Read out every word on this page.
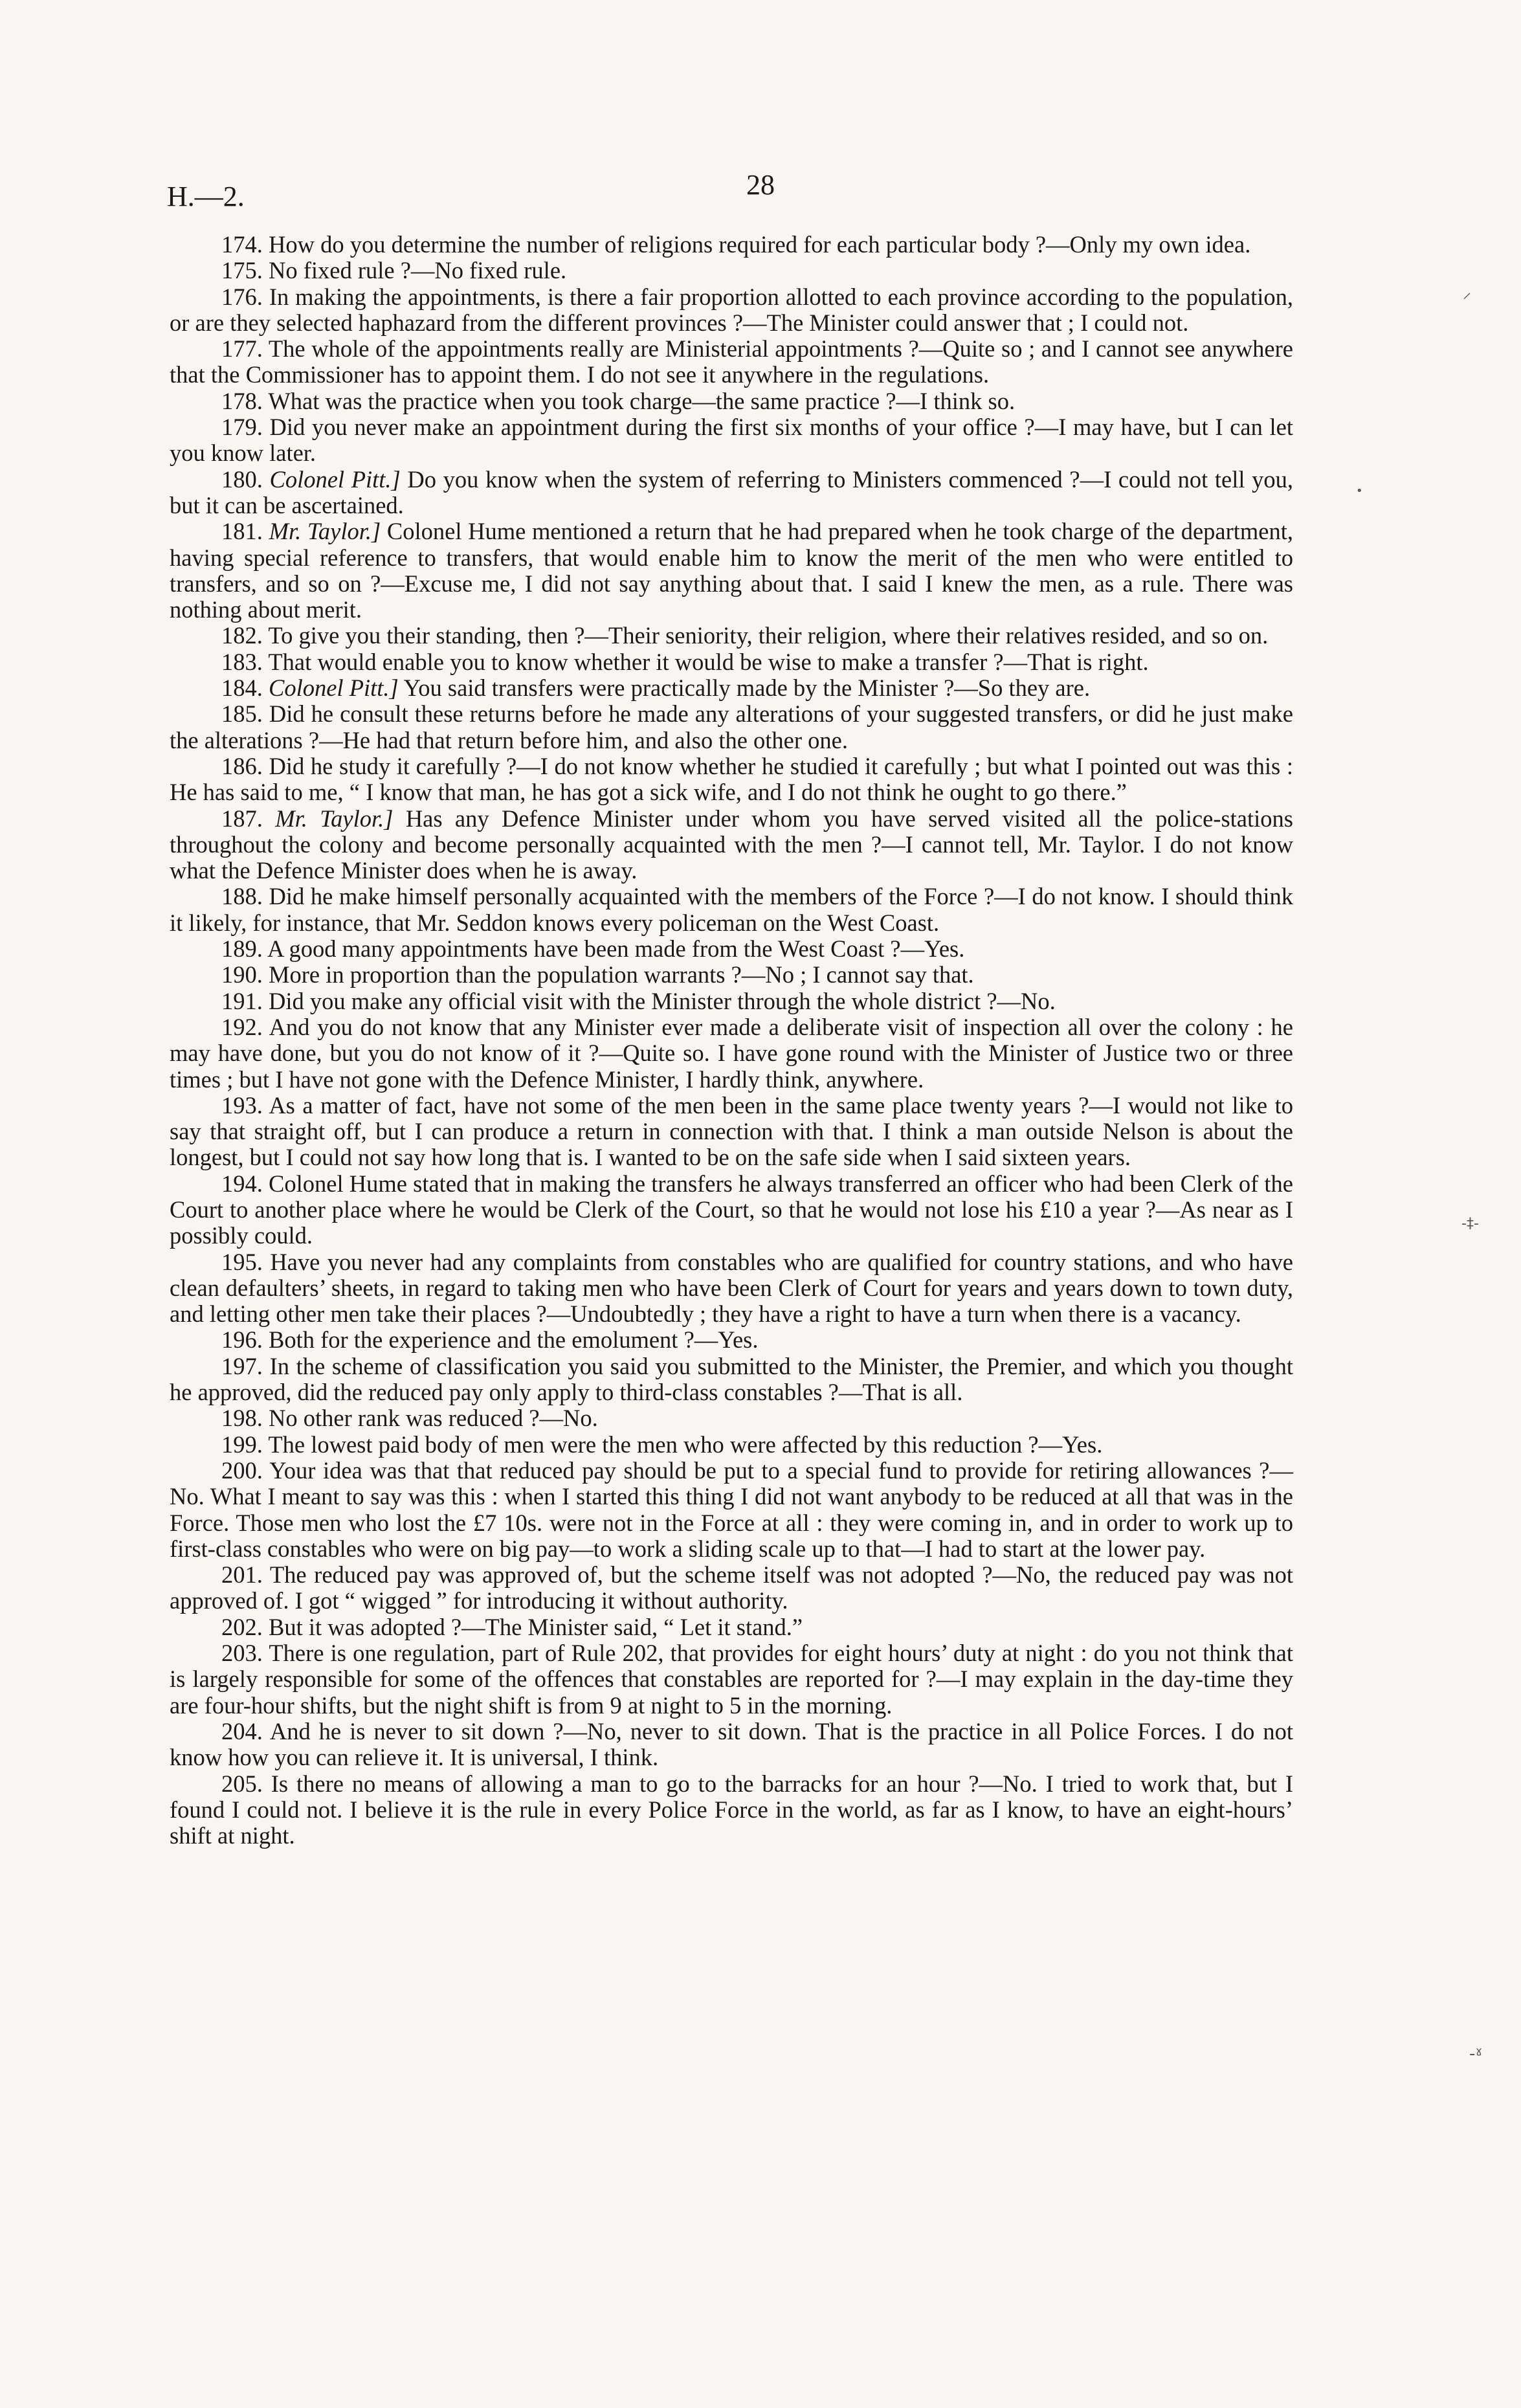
H.—2.	28

174. How do you determine the number of religions required for each particular body ?—Only my own idea.

175. No fixed rule ?—No fixed rule.

176. In making the appointments, is there a fair proportion allotted to each province according to the population, or are they selected haphazard from the different provinces ?—The Minister could answer that ; I could not.

177. The whole of the appointments really are Ministerial appointments ?—Quite so ; and I cannot see anywhere that the Commissioner has to appoint them. I do not see it anywhere in the regulations.

178. What was the practice when you took charge—the same practice ?—I think so.

179. Did you never make an appointment during the first six months of your office ?—I may have, but I can let you know later.

180. Colonel Pitt.] Do you know when the system of referring to Ministers commenced ?—I could not tell you, but it can be ascertained.

181. Mr. Taylor.] Colonel Hume mentioned a return that he had prepared when he took charge of the department, having special reference to transfers, that would enable him to know the merit of the men who were entitled to transfers, and so on ?—Excuse me, I did not say anything about that. I said I knew the men, as a rule. There was nothing about merit.

182. To give you their standing, then ?—Their seniority, their religion, where their relatives resided, and so on.

183. That would enable you to know whether it would be wise to make a transfer ?—That is right.

184. Colonel Pitt.] You said transfers were practically made by the Minister ?—So they are.

185. Did he consult these returns before he made any alterations of your suggested transfers, or did he just make the alterations ?—He had that return before him, and also the other one.

186. Did he study it carefully ?—I do not know whether he studied it carefully ; but what I pointed out was this : He has said to me, “ I know that man, he has got a sick wife, and I do not think he ought to go there.”

187. Mr. Taylor.] Has any Defence Minister under whom you have served visited all the police-stations throughout the colony and become personally acquainted with the men ?—I cannot tell, Mr. Taylor. I do not know what the Defence Minister does when he is away.

188. Did he make himself personally acquainted with the members of the Force ?—I do not know. I should think it likely, for instance, that Mr. Seddon knows every policeman on the West Coast.

189. A good many appointments have been made from the West Coast ?—Yes.

190. More in proportion than the population warrants ?—No ; I cannot say that.

191. Did you make any official visit with the Minister through the whole district ?—No.

192. And you do not know that any Minister ever made a deliberate visit of inspection all over the colony : he may have done, but you do not know of it ?—Quite so. I have gone round with the Minister of Justice two or three times ; but I have not gone with the Defence Minister, I hardly think, anywhere.

193. As a matter of fact, have not some of the men been in the same place twenty years ?—I would not like to say that straight off, but I can produce a return in connection with that. I think a man outside Nelson is about the longest, but I could not say how long that is. I wanted to be on the safe side when I said sixteen years.

194. Colonel Hume stated that in making the transfers he always transferred an officer who had been Clerk of the Court to another place where he would be Clerk of the Court, so that he would not lose his £10 a year ?—As near as I possibly could.

195. Have you never had any complaints from constables who are qualified for country stations, and who have clean defaulters’ sheets, in regard to taking men who have been Clerk of Court for years and years down to town duty, and letting other men take their places ?—Undoubtedly ; they have a right to have a turn when there is a vacancy.

196. Both for the experience and the emolument ?—Yes.

197. In the scheme of classification you said you submitted to the Minister, the Premier, and which you thought he approved, did the reduced pay only apply to third-class constables ?—That is all.

198. No other rank was reduced ?—No.

199. The lowest paid body of men were the men who were affected by this reduction ?—Yes.

200. Your idea was that that reduced pay should be put to a special fund to provide for retiring allowances ?—No. What I meant to say was this : when I started this thing I did not want anybody to be reduced at all that was in the Force. Those men who lost the £7 10s. were not in the Force at all : they were coming in, and in order to work up to first-class constables who were on big pay—to work a sliding scale up to that—I had to start at the lower pay.

201. The reduced pay was approved of, but the scheme itself was not adopted ?—No, the reduced pay was not approved of. I got “ wigged ” for introducing it without authority.

202. But it was adopted ?—The Minister said, “ Let it stand.”

203. There is one regulation, part of Rule 202, that provides for eight hours’ duty at night : do you not think that is largely responsible for some of the offences that constables are reported for ?—I may explain in the day-time they are four-hour shifts, but the night shift is from 9 at night to 5 in the morning.

204. And he is never to sit down ?—No, never to sit down. That is the practice in all Police Forces. I do not know how you can relieve it. It is universal, I think.

205. Is there no means of allowing a man to go to the barracks for an hour ?—No. I tried to work that, but I found I could not. I believe it is the rule in every Police Force in the world, as far as I know, to have an eight-hours’ shift at night.

⸝
•
-‡-
-ˠ
